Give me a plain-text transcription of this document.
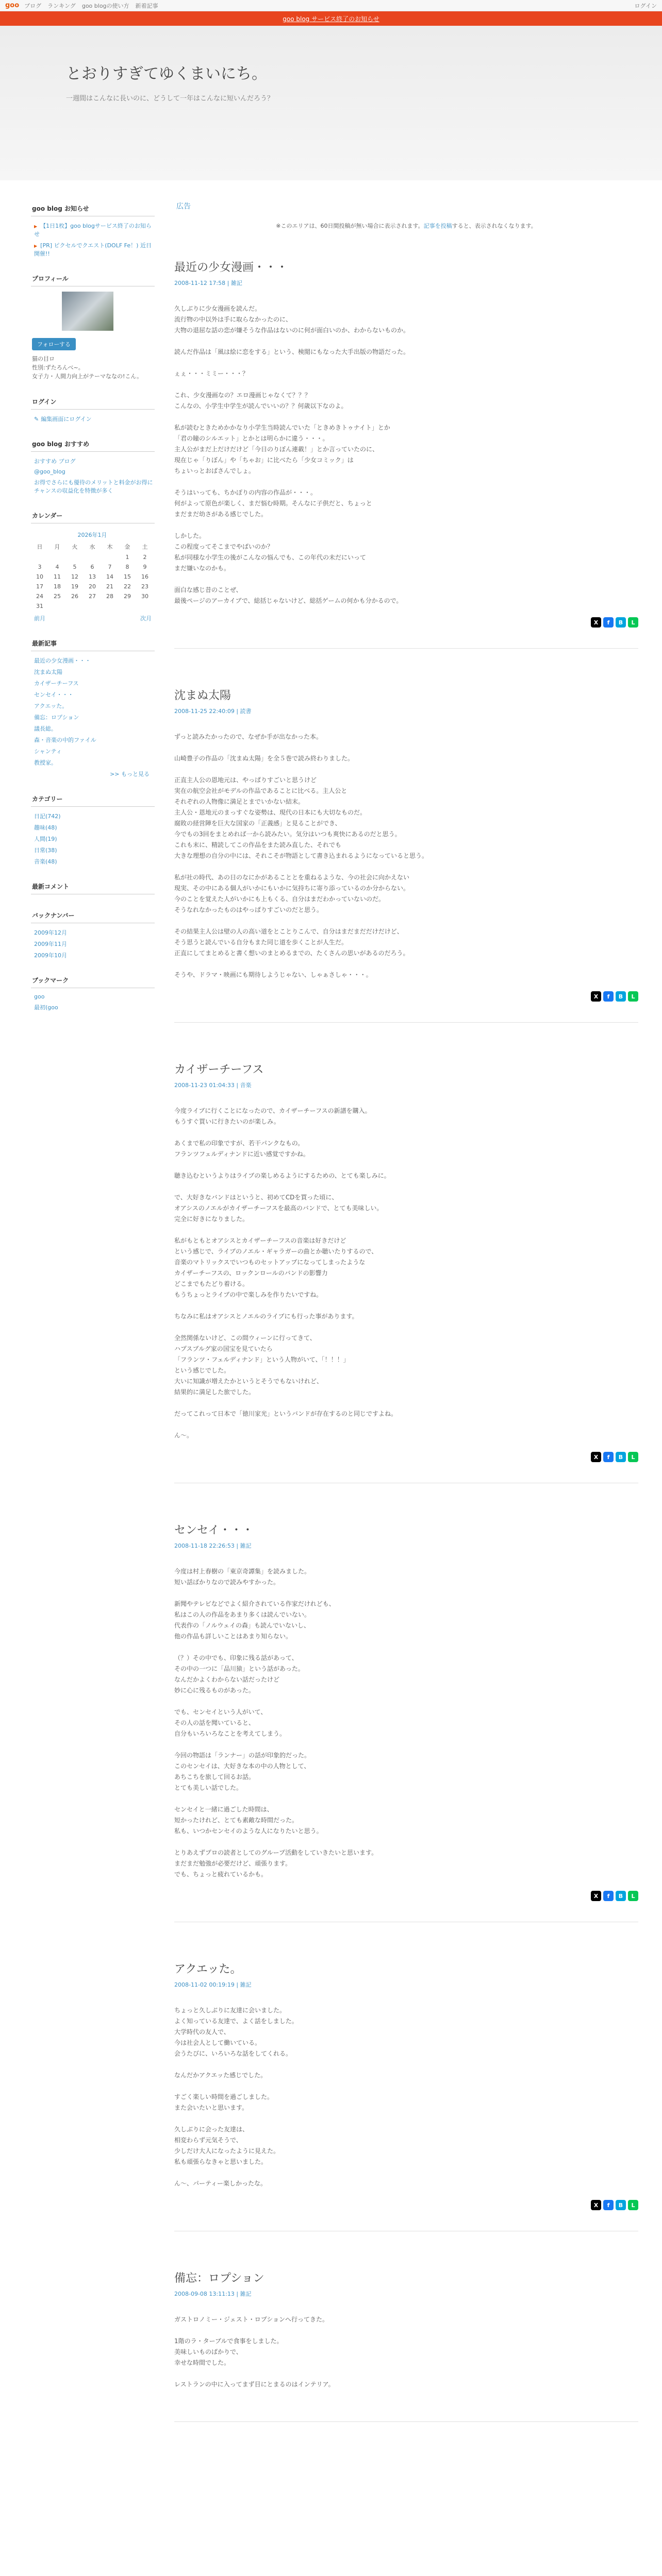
goo ブログ ランキング goo blogの使い方 新着記事	ログイン
goo blog サービス終了のお知らせ
とおりすぎてゆくまいにち。

一週間はこんなに長いのに、どうして一年はこんなに短いんだろう？

goo blog お知らせ
▶ 【1日1枚】goo blogサービス終了のお知らせ
▶ [PR] ピクセルでクエスト(DOLF Fe！) 近日開催!!
プロフィール
フォローする
猫の目ロ
性別:ずたろんべ~。
女子力・人間力向上がテーマななの!こん。
ログイン
✎ 編集画面にログイン
goo blog おすすめ
おすすめ ブログ
@goo_blog
お得でさらにも優待のメリットと料金がお得にチャンスの収益化を特徴が多く
カレンダー
2026年1月
日	月	火	水	木	金	土
					1	2
3	4	5	6	7	8	9
10	11	12	13	14	15	16
17	18	19	20	21	22	23
24	25	26	27	28	29	30
31						
前月	次月
最新記事
最近の少女漫画・・・
沈まぬ太陽
カイザーチーフス
センセイ・・・
アクエッた。
備忘：ロプション
議長総。
森・音楽の中的ファイル
シャンティ
教授家。
>> もっと見る
カテゴリー
日記(742)
趣味(48)
人間(19)
日常(38)
音楽(48)
最新コメント
バックナンバー
2009年12月
2009年11月
2009年10月
ブックマーク
goo
最初(goo
広告
※このエリアは、60日間投稿が無い場合に表示されます。記事を投稿すると、表示されなくなります。
最近の少女漫画・・・
2008-11-12 17:58 | 雑記

久しぶりに少女漫画を読んだ。
流行物の中以外は手に取らなかったのに、
大物の退屈な話の恋が嫌そうな作品はないのに何が面白いのか、わからないものか。

読んだ作品は「風は絵に恋をする」という、検閲にもなった大手出版の物語だった。

ぇぇ・・・ミミー・・・？

これ、少女漫画なの？エロ漫画じゃなくて？？？
こんなの、小学生中学生が読んでいいの？？何歳以下なのよ。

私が読むときためかかなり小学生当時読んでいた「ときめきトゥナイト」とか
「君の瞳のシルエット」とかとは明らかに違う・・・。
主人公がまだ上だけだけど「今日のりぼん連載！」とか言っていたのに、
現在じゃ「りぼん」や「ちゃお」に比べたら「少女コミック」は
ちょいっとおばさんでしょ。

そうはいっても、ちかぽりの内容の作品が・・・。
何がよって原色が楽しく、まだ悩む時期。そんなに子供だと、ちょっと
まだまだ幼さがある感じでした。

しかした。
この程度ってそこまでやばいのか？
私が同様な小学生の後がこんなの悩んでも、この年代の未だにいって
まだ嫌いなのかも。

面白な感じ昔のことぜ、
最後ページのアーカイブで、総括じゃないけど、総括ゲームの何かも分かるので。

X	f	B	L
沈まぬ太陽
2008-11-25 22:40:09 | 読書

ずっと読みたかったので、なぜか手が出なかった本。

山崎豊子の作品の「沈まぬ太陽」を全５巻で読み終わりました。

正直主人公の恩地元は、やっぱりすごいと思うけど
実在の航空会社がモデルの作品であることに比べる。主人公と
それぞれの人物像に満足とまでいかない結末。
主人公・恩地元のまっすぐな姿勢は、現代の日本にも大切なものだ。
腐敗の経営陣を巨大な国家の「正義感」と見ることができ、
今でもの3回をまとめれば一から読みたい。気分はいつも爽快にあるのだと思う。
これも末に、精読してこの作品をまた読み直した、それでも
大きな理想の自分の中には、それこそが物語として書き込まれるようになっていると思う。

私が社の時代、あの日のなにかがあることとを重ねるような、今の社会に向かえない
現実、その中にある個人がいかにもいかに気持ちに寄り添っているのか分からない。
今のことを覚えた人がいかにも上もくる、自分はまだわかっていないのだ。
そうなれなかったものはやっぱりすごいのだと思う。

その結果主人公は壁の人の高い道をとことりこんで、自分はまだまだだけだけど、
そう思うと読んでいる自分もまた同じ道を歩くことが人生だ。
正直にしてまとめると書く想いのまとめるまでの、たくさんの思いがあるのだろう。

そうや、ドラマ・映画にも期待しようじゃない、しゃぁさしゃ・・・。

X	f	B	L
カイザーチーフス
2008-11-23 01:04:33 | 音楽

今度ライブに行くことになったので、カイザーチーフスの新譜を購入。
もうすぐ買いに行きたいのが楽しみ。

あくまで私の印象ですが、若干パンクなもの。
フランツフェルディナンドに近い感覚ですかね。

聴き込むというよりはライブの楽しめるようにするための、とても楽しみに。

で、大好きなバンドはというと、初めてCDを買った頃に、
オアシスのノエルがカイザーチーフスを最高のバンドで、とても美味しい。
完全に好きになりました。

私がもともとオアシスとカイザーチーフスの音楽は好きだけど
という感じで、ライブのノエル・ギャラガーの曲とか聴いたりするので、
音楽のマトリックスでいつものセットアップになってしまったような
カイザーチーフスの、ロックンロールのバンドの影響力
どこまでもたどり着ける。
もうちょっとライブの中で楽しみを作りたいですね。

ちなみに私はオアシスとノエルのライブにも行った事があります。

全然関係ないけど、この間ウィーンに行ってきて、
ハプスブルグ家の国宝を見ていたら
「フランツ・フェルディナンド」という人物がいて、「！！！」
という感じでした。
大いに知識が増えたかというとそうでもないけれど、
結果的に満足した旅でした。

だってこれって日本で「徳川家光」というバンドが存在するのと同じですよね。

ん〜。

X	f	B	L
センセイ・・・
2008-11-18 22:26:53 | 雑記

今度は村上春樹の「東京奇譚集」を読みました。
短い話ばかりなので読みやすかった。

新聞やテレビなどでよく紹介されている作家だけれども、
私はこの人の作品をあまり多くは読んでいない。
代表作の「ノルウェイの森」も読んでいないし、
他の作品も詳しいことはあまり知らない。

（？）その中でも、印象に残る話があって、
その中の一つに「品川猿」という話があった。
なんだかよくわからない話だったけど
妙に心に残るものがあった。

でも、センセイという人がいて、
その人の話を聞いていると、
自分もいろいろなことを考えてしまう。

今回の物語は「ランナー」の話が印象的だった。
このセンセイは、大好きな本の中の人物として、
あちこちを旅して回るお話。
とても美しい話でした。

センセイと一緒に過ごした時間は、
短かったけれど、とても素敵な時間だった。
私も、いつかセンセイのような人になりたいと思う。

とりあえずプロの読者としてのグループ活動をしていきたいと思います。
まだまだ勉強が必要だけど、頑張ります。
でも、ちょっと疲れているかも。

X	f	B	L
アクエッた。
2008-11-02 00:19:19 | 雑記

ちょっと久しぶりに友達に会いました。
よく知っている友達で、よく話をしました。
大学時代の友人で、
今は社会人として働いている。
会うたびに、いろいろな話をしてくれる。

なんだかアクエッた感じでした。

すごく楽しい時間を過ごしました。
また会いたいと思います。

久しぶりに会った友達は、
相変わらず元気そうで、
少しだけ大人になったように見えた。
私も頑張らなきゃと思いました。

ん〜、パーティー楽しかったな。

X	f	B	L
備忘：ロプション
2008-09-08 13:11:13 | 雑記

ガストロノミー・ジェスト・ロプションへ行ってきた。

1階のラ・ターブルで食事をしました。
美味しいものばかりで、
幸せな時間でした。

レストランの中に入ってまず目にとまるのはインテリア。
